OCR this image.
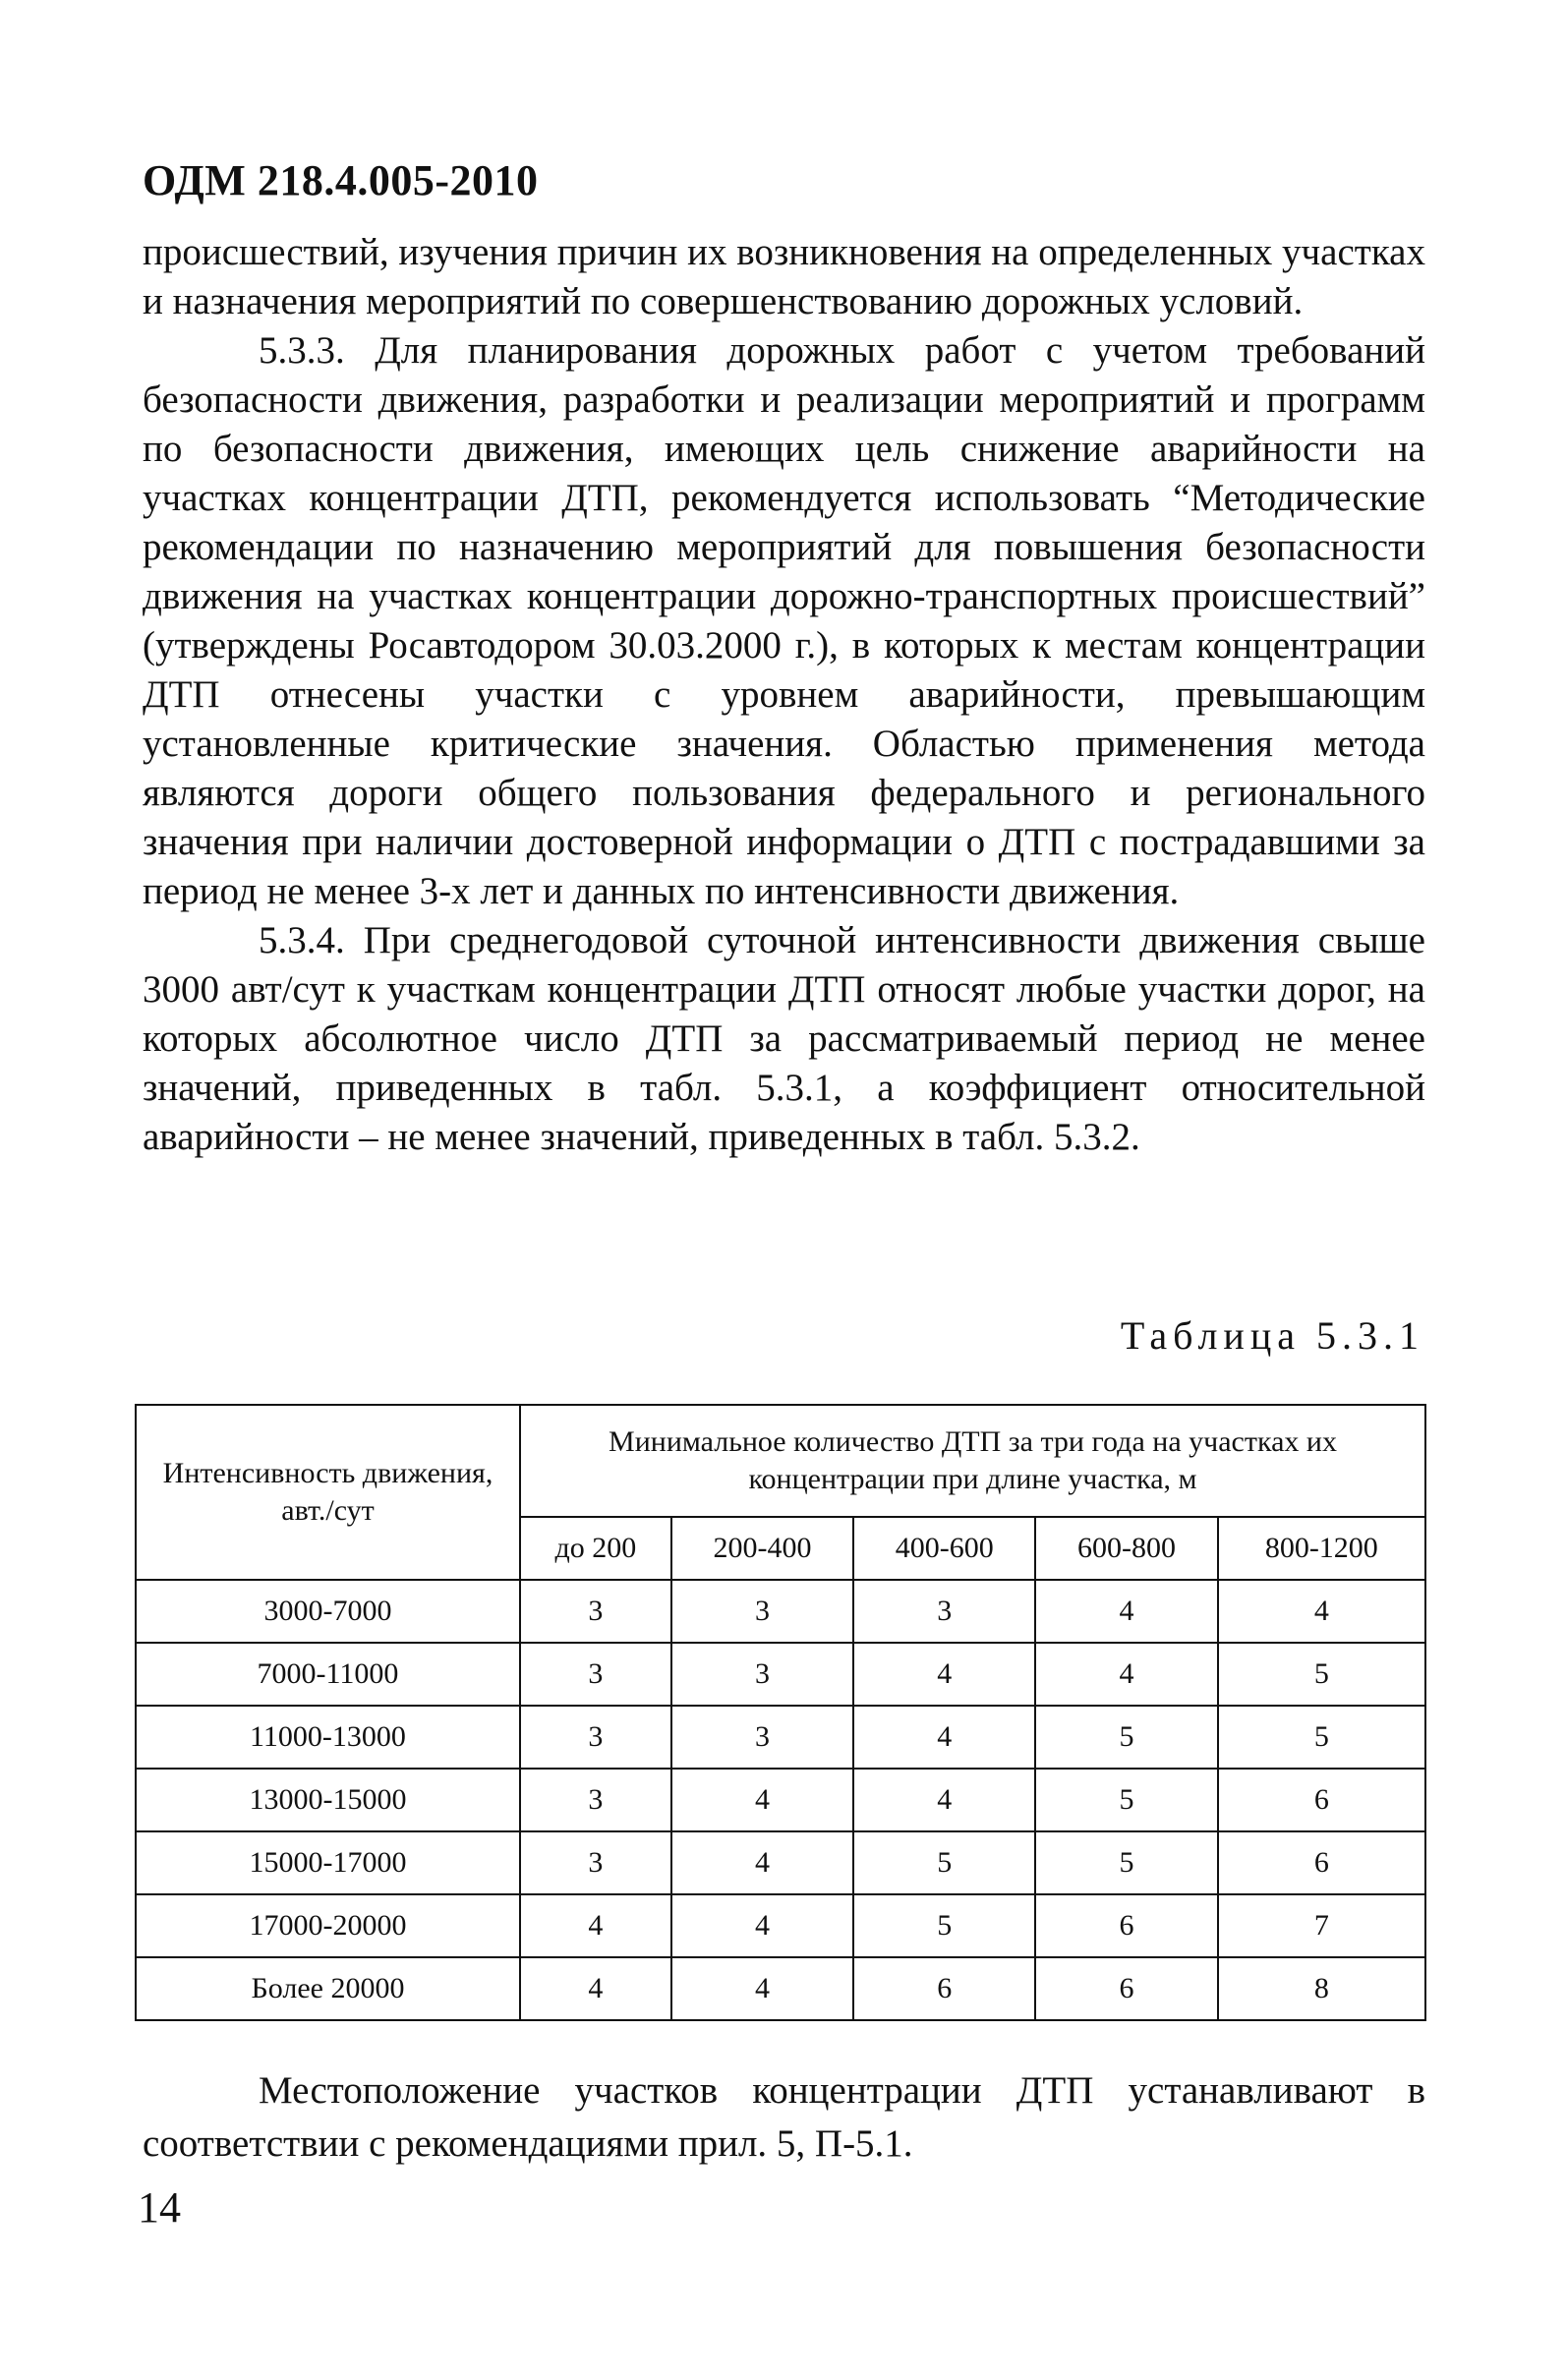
ОДМ 218.4.005-2010

происшествий, изучения причин их возникновения на определенных участках и назначения мероприятий по совершенствованию дорожных условий.

5.3.3. Для планирования дорожных работ с учетом требований безопасности движения, разработки и реализации мероприятий и программ по безопасности движения, имеющих цель снижение аварийности на участках концентрации ДТП, рекомендуется использовать “Методические рекомендации по назначению мероприятий для повышения безопасности движения на участках концентрации дорожно-транспортных происшествий” (утверждены Росавтодором 30.03.2000 г.), в которых к местам концентрации ДТП отнесены участки с уровнем аварийности, превышающим установленные критические значения. Областью применения метода являются дороги общего пользования федерального и регионального значения при наличии достоверной информации о ДТП с пострадавшими за период не менее 3-х лет и данных по интенсивности движения.

5.3.4. При среднегодовой суточной интенсивности движения свыше 3000 авт/сут к участкам концентрации ДТП относят любые участки дорог, на которых абсолютное число ДТП за рассматриваемый период не менее значений, приведенных в табл. 5.3.1, а коэффициент относительной аварийности – не менее значений, приведенных в табл. 5.3.2.

Таблица 5.3.1
Интенсивность движения, авт./сут	Минимальное количество ДТП за три года на участках их концентрации при длине участка, м				
	до 200	200-400	400-600	600-800	800-1200
3000-7000	3	3	3	4	4
7000-11000	3	3	4	4	5
11000-13000	3	3	4	5	5
13000-15000	3	4	4	5	6
15000-17000	3	4	5	5	6
17000-20000	4	4	5	6	7
Более 20000	4	4	6	6	8

Местоположение участков концентрации ДТП устанавливают в соответствии с рекомендациями прил. 5, П-5.1.

14
